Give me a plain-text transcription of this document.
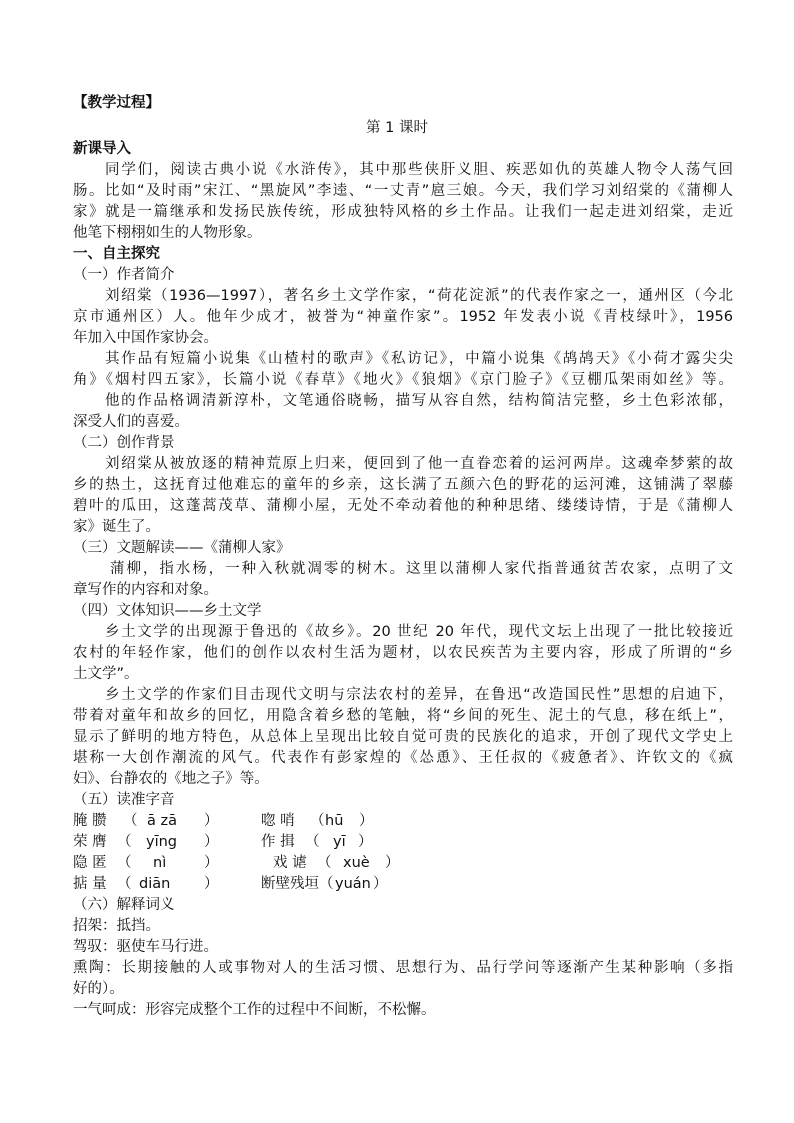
【教学过程】

第 1 课时

新课导入

同学们，阅读古典小说《水浒传》，其中那些侠肝义胆、疾恶如仇的英雄人物令人荡气回

肠。比如“及时雨”宋江、“黑旋风”李逵、“一丈青”扈三娘。今天，我们学习刘绍棠的《蒲柳人

家》就是一篇继承和发扬民族传统，形成独特风格的乡土作品。让我们一起走进刘绍棠，走近

他笔下栩栩如生的人物形象。

一、自主探究

（一）作者简介

刘绍棠（1936—1997），著名乡土文学作家，“荷花淀派”的代表作家之一，通州区（今北

京市通州区）人。他年少成才，被誉为“神童作家”。1952 年发表小说《青枝绿叶》，1956

年加入中国作家协会。

其作品有短篇小说集《山楂村的歌声》《私访记》，中篇小说集《鸪鸪天》《小荷才露尖尖

角》《烟村四五家》，长篇小说《春草》《地火》《狼烟》《京门脸子》《豆棚瓜架雨如丝》等。

他的作品格调清新淳朴，文笔通俗晓畅，描写从容自然，结构简洁完整，乡土色彩浓郁，

深受人们的喜爱。

（二）创作背景

刘绍棠从被放逐的精神荒原上归来，便回到了他一直眷恋着的运河两岸。这魂牵梦萦的故

乡的热土，这抚育过他难忘的童年的乡亲，这长满了五颜六色的野花的运河滩，这铺满了翠藤

碧叶的瓜田，这蓬蒿茂草、蒲柳小屋，无处不牵动着他的种种思绪、缕缕诗情，于是《蒲柳人

家》诞生了。

（三）文题解读——《蒲柳人家》

蒲柳，指水杨，一种入秋就凋零的树木。这里以蒲柳人家代指普通贫苦农家，点明了文

章写作的内容和对象。

（四）文体知识——乡土文学

乡土文学的出现源于鲁迅的《故乡》。20 世纪 20 年代，现代文坛上出现了一批比较接近

农村的年轻作家，他们的创作以农村生活为题材，以农民疾苦为主要内容，形成了所谓的“乡

土文学”。

乡土文学的作家们目击现代文明与宗法农村的差异，在鲁迅“改造国民性”思想的启迪下，

带着对童年和故乡的回忆，用隐含着乡愁的笔触，将“乡间的死生、泥土的气息，移在纸上”，

显示了鲜明的地方特色，从总体上呈现出比较自觉可贵的民族化的追求，开创了现代文学史上

堪称一大创作潮流的风气。代表作有彭家煌的《怂恿》、王任叔的《疲惫者》、许钦文的《疯

妇》、台静农的《地之子》等。

（五）读准字音

腌 臜 （ ā zā ）	唿 哨 （ hū ）
荣 膺 （ yīng ）	作 揖 （ yī ）
隐 匿 （ nì	）	戏 谑 （ xuè ）
掂 量 （ diān ）	断壁残垣 （ yuán ）

（六）解释词义

招架：抵挡。

驾驭：驱使车马行进。

熏陶：长期接触的人或事物对人的生活习惯、思想行为、品行学问等逐渐产生某种影响（多指

好的）。

一气呵成：形容完成整个工作的过程中不间断，不松懈。
